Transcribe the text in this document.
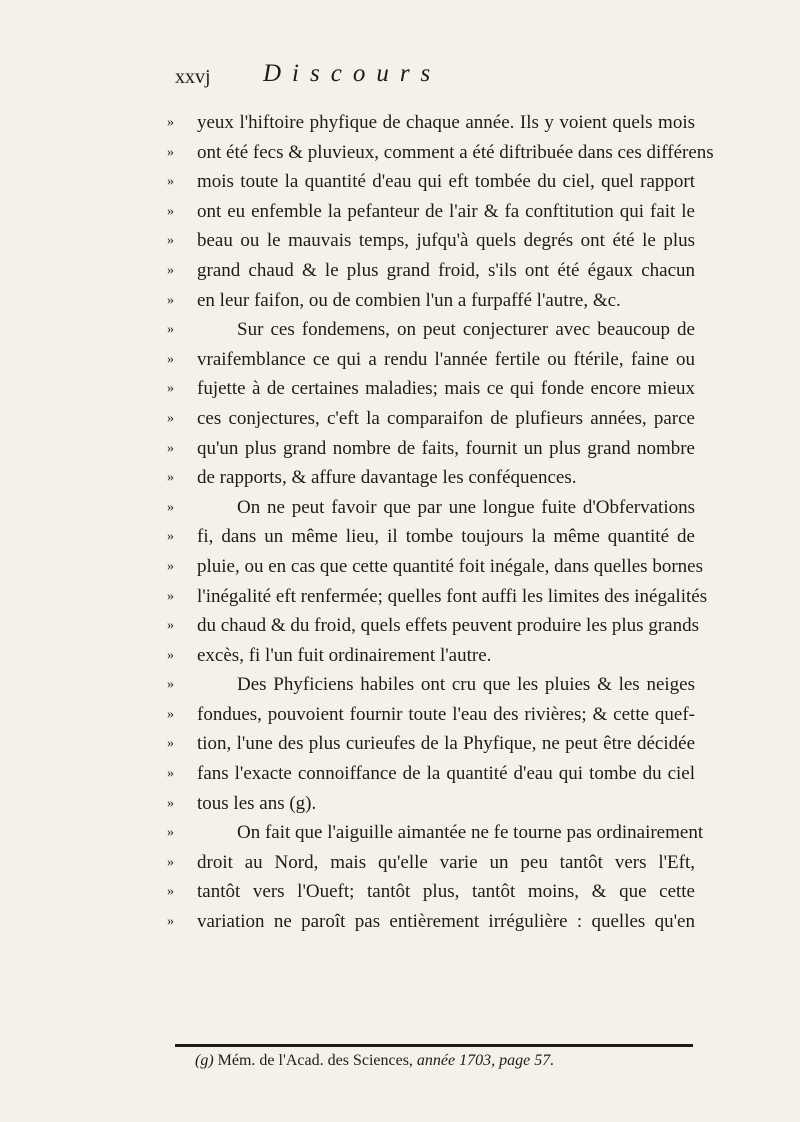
xxvj Discours
» yeux l'hiftoire phyfique de chaque année. Ils y voient quels mois
» ont été fecs & pluvieux, comment a été diftribuée dans ces différens
» mois toute la quantité d'eau qui eft tombée du ciel, quel rapport
» ont eu enfemble la pefanteur de l'air & fa conftitution qui fait le
» beau ou le mauvais temps, jufqu'à quels degrés ont été le plus
» grand chaud & le plus grand froid, s'ils ont été égaux chacun
» en leur faifon, ou de combien l'un a furpaffé l'autre, &c.
»	Sur ces fondemens, on peut conjecturer avec beaucoup de
» vraifemblance ce qui a rendu l'année fertile ou ftérile, faine ou
» fujette à de certaines maladies; mais ce qui fonde encore mieux
» ces conjectures, c'eft la comparaifon de plufieurs années, parce
» qu'un plus grand nombre de faits, fournit un plus grand nombre
» de rapports, & affure davantage les conféquences.
»	On ne peut favoir que par une longue fuite d'Obfervations
» fi, dans un même lieu, il tombe toujours la même quantité de
» pluie, ou en cas que cette quantité foit inégale, dans quelles bornes
» l'inégalité eft renfermée; quelles font auffi les limites des inégalités
» du chaud & du froid, quels effets peuvent produire les plus grands
» excès, fi l'un fuit ordinairement l'autre.
»	Des Phyficiens habiles ont cru que les pluies & les neiges
» fondues, pouvoient fournir toute l'eau des rivières; & cette quef-
» tion, l'une des plus curieufes de la Phyfique, ne peut être décidée
» fans l'exacte connoiffance de la quantité d'eau qui tombe du ciel
» tous les ans (g).
»	On fait que l'aiguille aimantée ne fe tourne pas ordinairement
» droit au Nord, mais qu'elle varie un peu tantôt vers l'Eft,
» tantôt vers l'Oueft; tantôt plus, tantôt moins, & que cette
» variation ne paroît pas entièrement irrégulière : quelles qu'en
(g) Mém. de l'Acad. des Sciences, année 1703, page 57.
